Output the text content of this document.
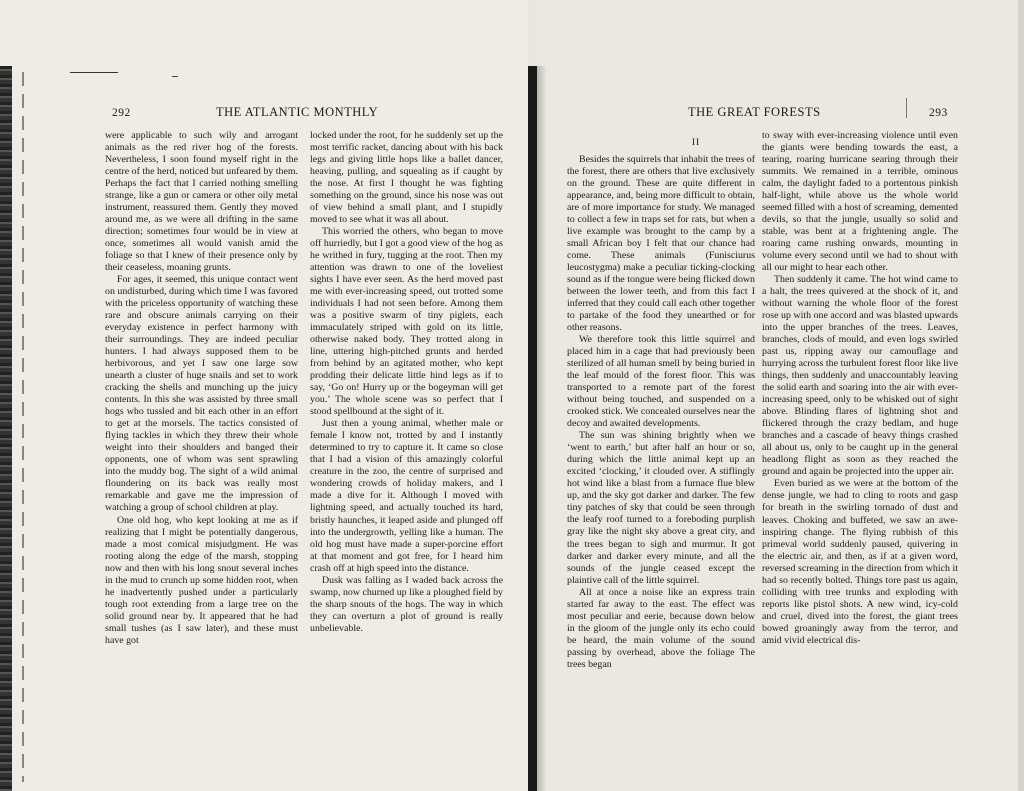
292	THE ATLANTIC MONTHLY

were applicable to such wily and arrogant animals as the red river hog of the forests. Nevertheless, I soon found myself right in the centre of the herd, noticed but unfeared by them. Perhaps the fact that I carried nothing smelling strange, like a gun or camera or other oily metal instrument, reassured them. Gently they moved around me, as we were all drifting in the same direction; sometimes four would be in view at once, sometimes all would vanish amid the foliage so that I knew of their presence only by their ceaseless, moaning grunts.

For ages, it seemed, this unique contact went on undisturbed, during which time I was favored with the priceless opportunity of watching these rare and obscure animals carrying on their everyday existence in perfect harmony with their surroundings. They are indeed peculiar hunters. I had always supposed them to be herbivorous, and yet I saw one large sow unearth a cluster of huge snails and set to work cracking the shells and munching up the juicy contents. In this she was assisted by three small hogs who tussled and bit each other in an effort to get at the morsels. The tactics consisted of flying tackles in which they threw their whole weight into their shoulders and banged their opponents, one of whom was sent sprawling into the muddy bog. The sight of a wild animal floundering on its back was really most remarkable and gave me the impression of watching a group of school children at play.

One old hog, who kept looking at me as if realizing that I might be potentially dangerous, made a most comical misjudgment. He was rooting along the edge of the marsh, stopping now and then with his long snout several inches in the mud to crunch up some hidden root, when he inadvertently pushed under a particularly tough root extending from a large tree on the solid ground near by. It appeared that he had small tushes (as I saw later), and these must have got

locked under the root, for he suddenly set up the most terrific racket, dancing about with his back legs and giving little hops like a ballet dancer, heaving, pulling, and squealing as if caught by the nose. At first I thought he was fighting something on the ground, since his nose was out of view behind a small plant, and I stupidly moved to see what it was all about.

This worried the others, who began to move off hurriedly, but I got a good view of the hog as he writhed in fury, tugging at the root. Then my attention was drawn to one of the loveliest sights I have ever seen. As the herd moved past me with ever-increasing speed, out trotted some individuals I had not seen before. Among them was a positive swarm of tiny piglets, each immaculately striped with gold on its little, otherwise naked body. They trotted along in line, uttering high-pitched grunts and herded from behind by an agitated mother, who kept prodding their delicate little hind legs as if to say, ‘Go on! Hurry up or the bogeyman will get you.’ The whole scene was so perfect that I stood spellbound at the sight of it.

Just then a young animal, whether male or female I know not, trotted by and I instantly determined to try to capture it. It came so close that I had a vision of this amazingly colorful creature in the zoo, the centre of surprised and wondering crowds of holiday makers, and I made a dive for it. Although I moved with lightning speed, and actually touched its hard, bristly haunches, it leaped aside and plunged off into the undergrowth, yelling like a human. The old hog must have made a super-porcine effort at that moment and got free, for I heard him crash off at high speed into the distance.

Dusk was falling as I waded back across the swamp, now churned up like a ploughed field by the sharp snouts of the hogs. The way in which they can overturn a plot of ground is really unbelievable.

THE GREAT FORESTS	293
II

Besides the squirrels that inhabit the trees of the forest, there are others that live exclusively on the ground. These are quite different in appearance, and, being more difficult to obtain, are of more importance for study. We managed to collect a few in traps set for rats, but when a live example was brought to the camp by a small African boy I felt that our chance had come. These animals (Funisciurus leucostygma) make a peculiar ticking-clocking sound as if the tongue were being flicked down between the lower teeth, and from this fact I inferred that they could call each other together to partake of the food they unearthed or for other reasons.

We therefore took this little squirrel and placed him in a cage that had previously been sterilized of all human smell by being buried in the leaf mould of the forest floor. This was transported to a remote part of the forest without being touched, and suspended on a crooked stick. We concealed ourselves near the decoy and awaited developments.

The sun was shining brightly when we ‘went to earth,’ but after half an hour or so, during which the little animal kept up an excited ‘clocking,’ it clouded over. A stiflingly hot wind like a blast from a furnace flue blew up, and the sky got darker and darker. The few tiny patches of sky that could be seen through the leafy roof turned to a foreboding purplish gray like the night sky above a great city, and the trees began to sigh and murmur. It got darker and darker every minute, and all the sounds of the jungle ceased except the plaintive call of the little squirrel.

All at once a noise like an express train started far away to the east. The effect was most peculiar and eerie, because down below in the gloom of the jungle only its echo could be heard, the main volume of the sound passing by overhead, above the foliage The trees began

to sway with ever-increasing violence until even the giants were bending towards the east, a tearing, roaring hurricane searing through their summits. We remained in a terrible, ominous calm, the daylight faded to a portentous pinkish half-light, while above us the whole world seemed filled with a host of screaming, demented devils, so that the jungle, usually so solid and stable, was bent at a frightening angle. The roaring came rushing onwards, mounting in volume every second until we had to shout with all our might to hear each other.

Then suddenly it came. The hot wind came to a halt, the trees quivered at the shock of it, and without warning the whole floor of the forest rose up with one accord and was blasted upwards into the upper branches of the trees. Leaves, branches, clods of mould, and even logs swirled past us, ripping away our camouflage and hurrying across the turbulent forest floor like live things, then suddenly and unaccountably leaving the solid earth and soaring into the air with ever-increasing speed, only to be whisked out of sight above. Blinding flares of lightning shot and flickered through the crazy bedlam, and huge branches and a cascade of heavy things crashed all about us, only to be caught up in the general headlong flight as soon as they reached the ground and again be projected into the upper air.

Even buried as we were at the bottom of the dense jungle, we had to cling to roots and gasp for breath in the swirling tornado of dust and leaves. Choking and buffeted, we saw an awe-inspiring change. The flying rubbish of this primeval world suddenly paused, quivering in the electric air, and then, as if at a given word, reversed screaming in the direction from which it had so recently bolted. Things tore past us again, colliding with tree trunks and exploding with reports like pistol shots. A new wind, icy-cold and cruel, dived into the forest, the giant trees bowed groaningly away from the terror, and amid vivid electrical dis-
